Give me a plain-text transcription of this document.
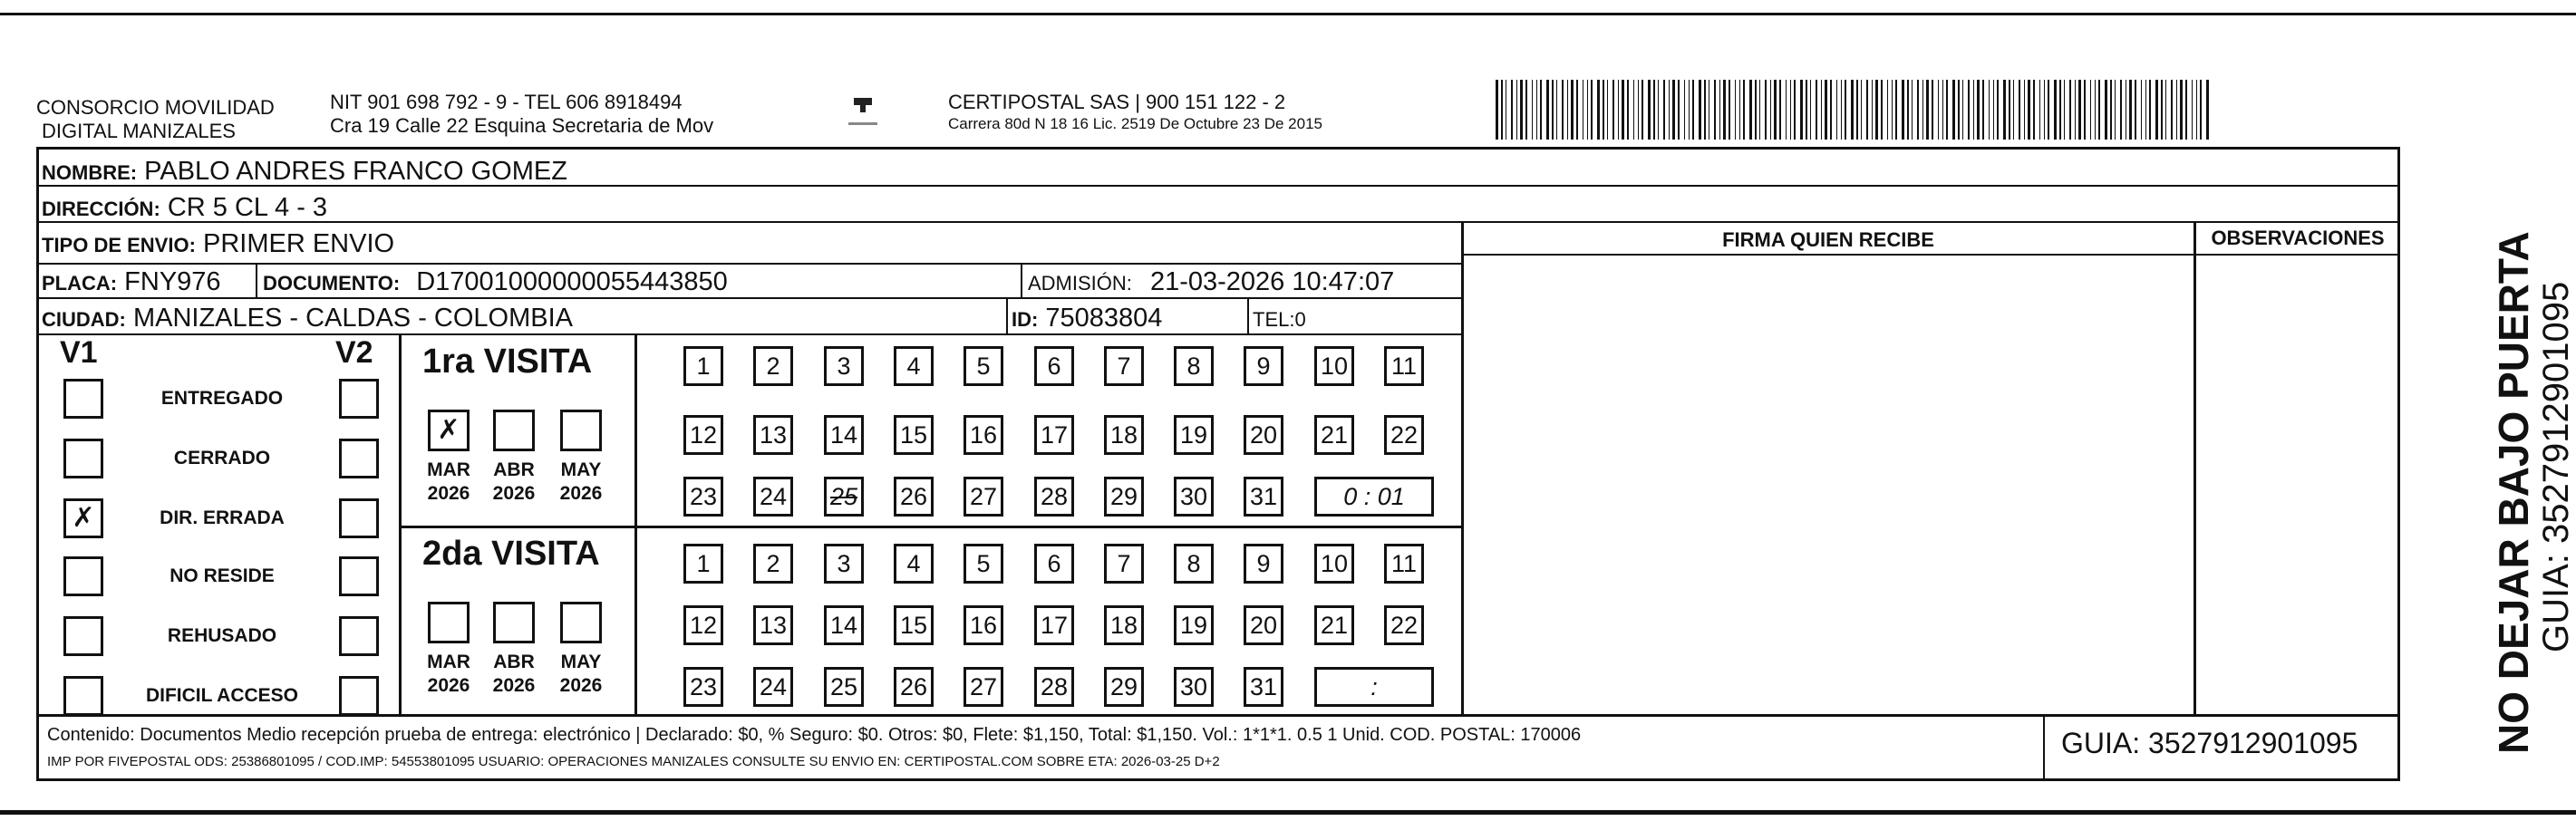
CONSORCIO MOVILIDAD
DIGITAL MANIZALES
NIT 901 698 792 - 9 - TEL 606 8918494
Cra 19 Calle 22 Esquina Secretaria de Mov
CERTIPOSTAL SAS | 900 151 122 - 2
Carrera 80d N 18 16 Lic. 2519 De Octubre 23 De 2015
NOMBRE: PABLO ANDRES FRANCO GOMEZ
DIRECCIÓN: CR 5 CL 4 - 3
TIPO DE ENVIO: PRIMER ENVIO	FIRMA QUIEN RECIBE	OBSERVACIONES
PLACA: FNY976 DOCUMENTO: D17001000000055443850	ADMISIÓN: 21-03-2026 10:47:07
CIUDAD: MANIZALES - CALDAS - COLOMBIA	ID: 75083804	TEL:0
V1	V2
ENTREGADO
CERRADO
✗	DIR. ERRADA
NO RESIDE
REHUSADO
DIFICIL ACCESO
1ra VISITA
2da VISITA
✗
MAR
2026
ABR
2026
MAY
2026
MAR
2026
ABR
2026
MAY
2026
1	2	3	4	5	6	7	8	9	10 11
12 13 14 15 16 17 18 19 20 21 22
23 24 25 26 27 28 29 30 31	0 : 01
1	2	3	4	5	6	7	8	9	10 11
12 13 14 15 16 17 18 19 20 21 22
23 24 25 26 27 28 29 30 31	:
Contenido: Documentos Medio recepción prueba de entrega: electrónico | Declarado: $0, % Seguro: $0. Otros: $0, Flete: $1,150, Total: $1,150. Vol.: 1*1*1. 0.5 1 Unid. COD. POSTAL: 170006
IMP POR FIVEPOSTAL ODS: 25386801095 / COD.IMP: 54553801095 USUARIO: OPERACIONES MANIZALES CONSULTE SU ENVIO EN: CERTIPOSTAL.COM SOBRE ETA: 2026-03-25 D+2
GUIA: 3527912901095	NO DEJAR BAJO PUERTA GUIA: 3527912901095
